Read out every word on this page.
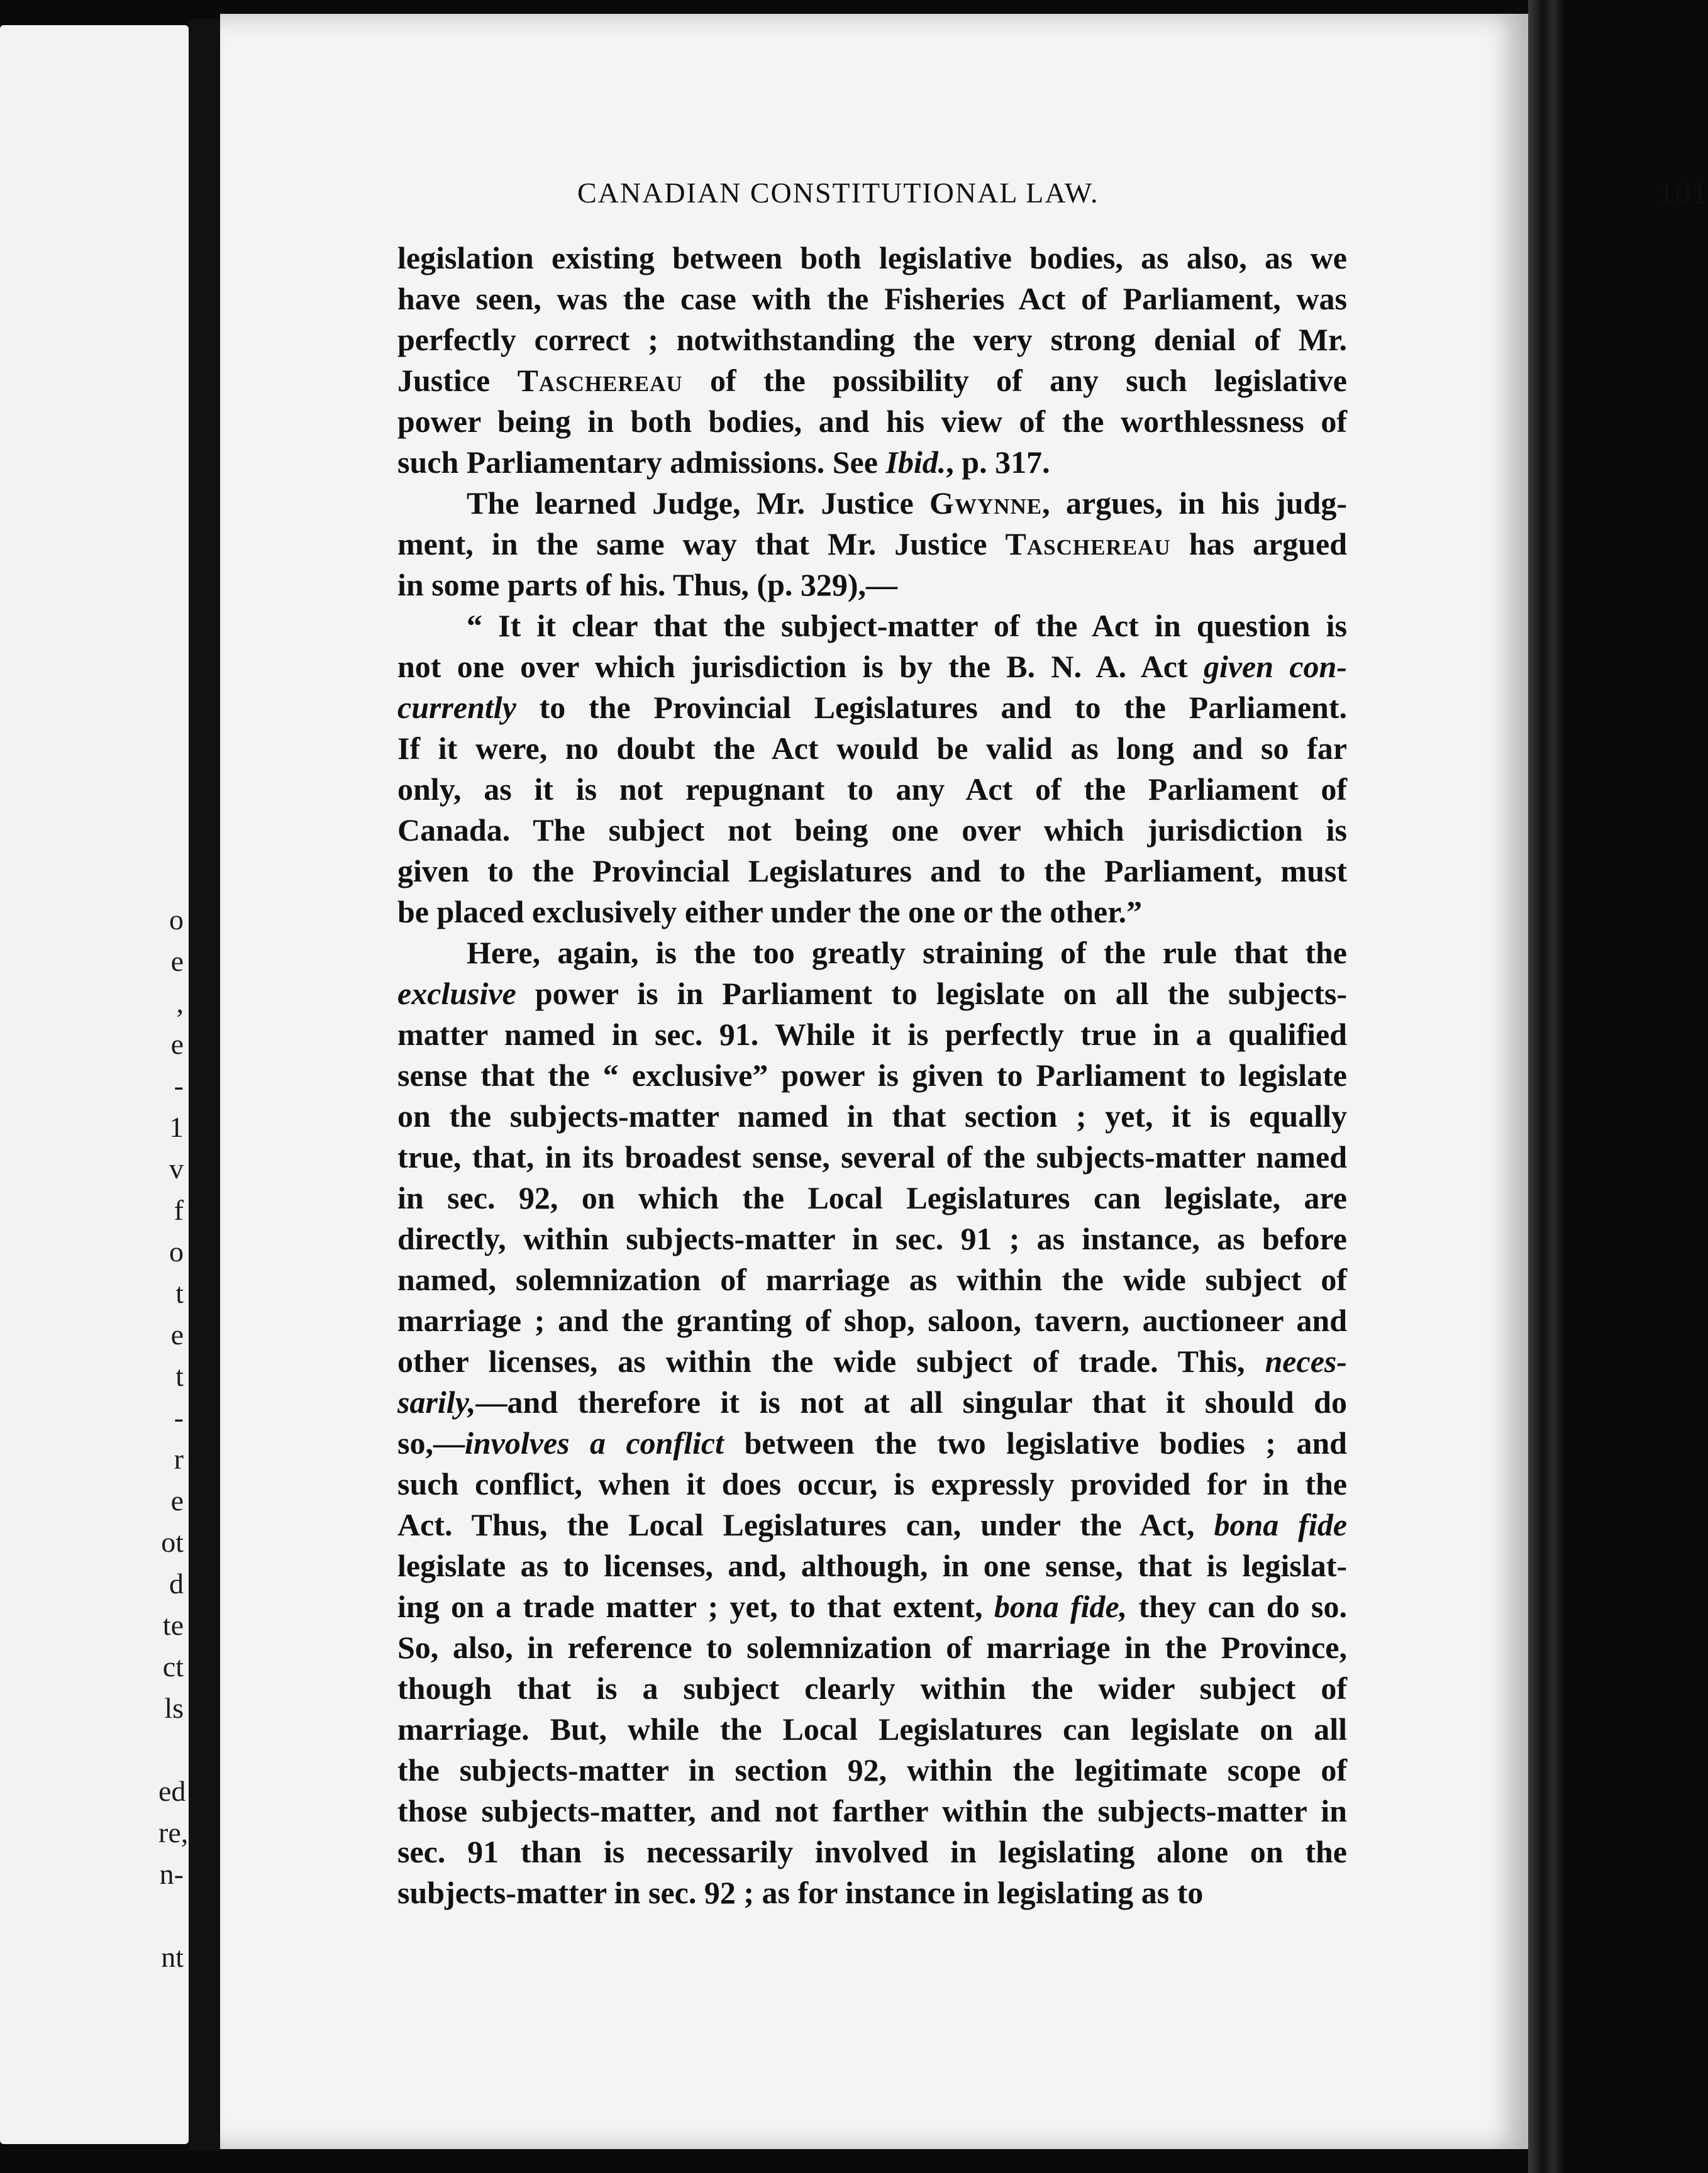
o
e
,
e
-
1
v
f
o
t
e
t
-
r
e
ot
d
te
ct
ls
ed
re,
n-
nt
CANADIAN CONSTITUTIONAL LAW.	101
legislation existing between both legislative bodies, as also, as we
have seen, was the case with the Fisheries Act of Parliament, was
perfectly correct ; notwithstanding the very strong denial of Mr.
Justice Taschereau of the possibility of any such legislative
power being in both bodies, and his view of the worthlessness of
such Parliamentary admissions. See Ibid., p. 317.
The learned Judge, Mr. Justice Gwynne, argues, in his judg-
ment, in the same way that Mr. Justice Taschereau has argued
in some parts of his. Thus, (p. 329),—
“ It it clear that the subject-matter of the Act in question is
not one over which jurisdiction is by the B. N. A. Act given con-
currently to the Provincial Legislatures and to the Parliament.
If it were, no doubt the Act would be valid as long and so far
only, as it is not repugnant to any Act of the Parliament of
Canada. The subject not being one over which jurisdiction is
given to the Provincial Legislatures and to the Parliament, must
be placed exclusively either under the one or the other.”
Here, again, is the too greatly straining of the rule that the
exclusive power is in Parliament to legislate on all the subjects-
matter named in sec. 91. While it is perfectly true in a qualified
sense that the “ exclusive” power is given to Parliament to legislate
on the subjects-matter named in that section ; yet, it is equally
true, that, in its broadest sense, several of the subjects-matter named
in sec. 92, on which the Local Legislatures can legislate, are
directly, within subjects-matter in sec. 91 ; as instance, as before
named, solemnization of marriage as within the wide subject of
marriage ; and the granting of shop, saloon, tavern, auctioneer and
other licenses, as within the wide subject of trade. This, neces-
sarily,—and therefore it is not at all singular that it should do
so,—involves a conflict between the two legislative bodies ; and
such conflict, when it does occur, is expressly provided for in the
Act. Thus, the Local Legislatures can, under the Act, bona fide
legislate as to licenses, and, although, in one sense, that is legislat-
ing on a trade matter ; yet, to that extent, bona fide, they can do so.
So, also, in reference to solemnization of marriage in the Province,
though that is a subject clearly within the wider subject of
marriage. But, while the Local Legislatures can legislate on all
the subjects-matter in section 92, within the legitimate scope of
those subjects-matter, and not farther within the subjects-matter in
sec. 91 than is necessarily involved in legislating alone on the
subjects-matter in sec. 92 ; as for instance in legislating as to
